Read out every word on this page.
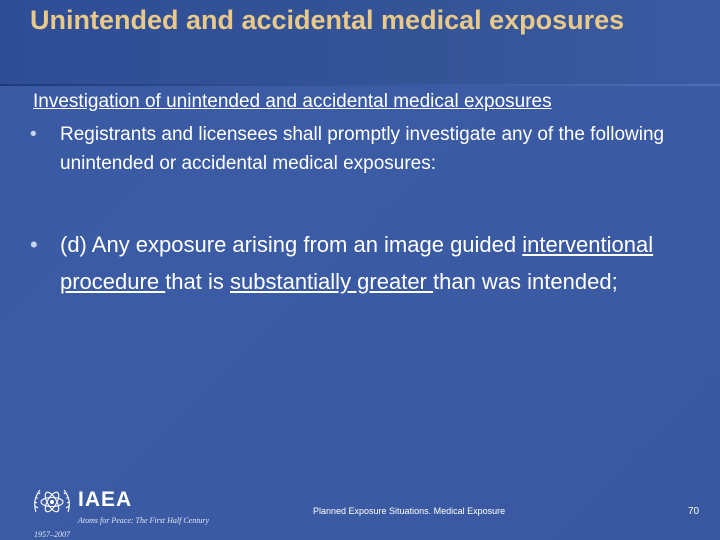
Unintended and accidental medical exposures

Investigation of unintended and accidental medical exposures

•	Registrants and licensees shall promptly investigate any of the following unintended or accidental medical exposures:
•	(d) Any exposure arising from an image guided interventional procedure that is substantially greater than was intended;
IAEA
Atoms for Peace: The First Half Century
1957–2007
Planned Exposure Situations. Medical Exposure	70
